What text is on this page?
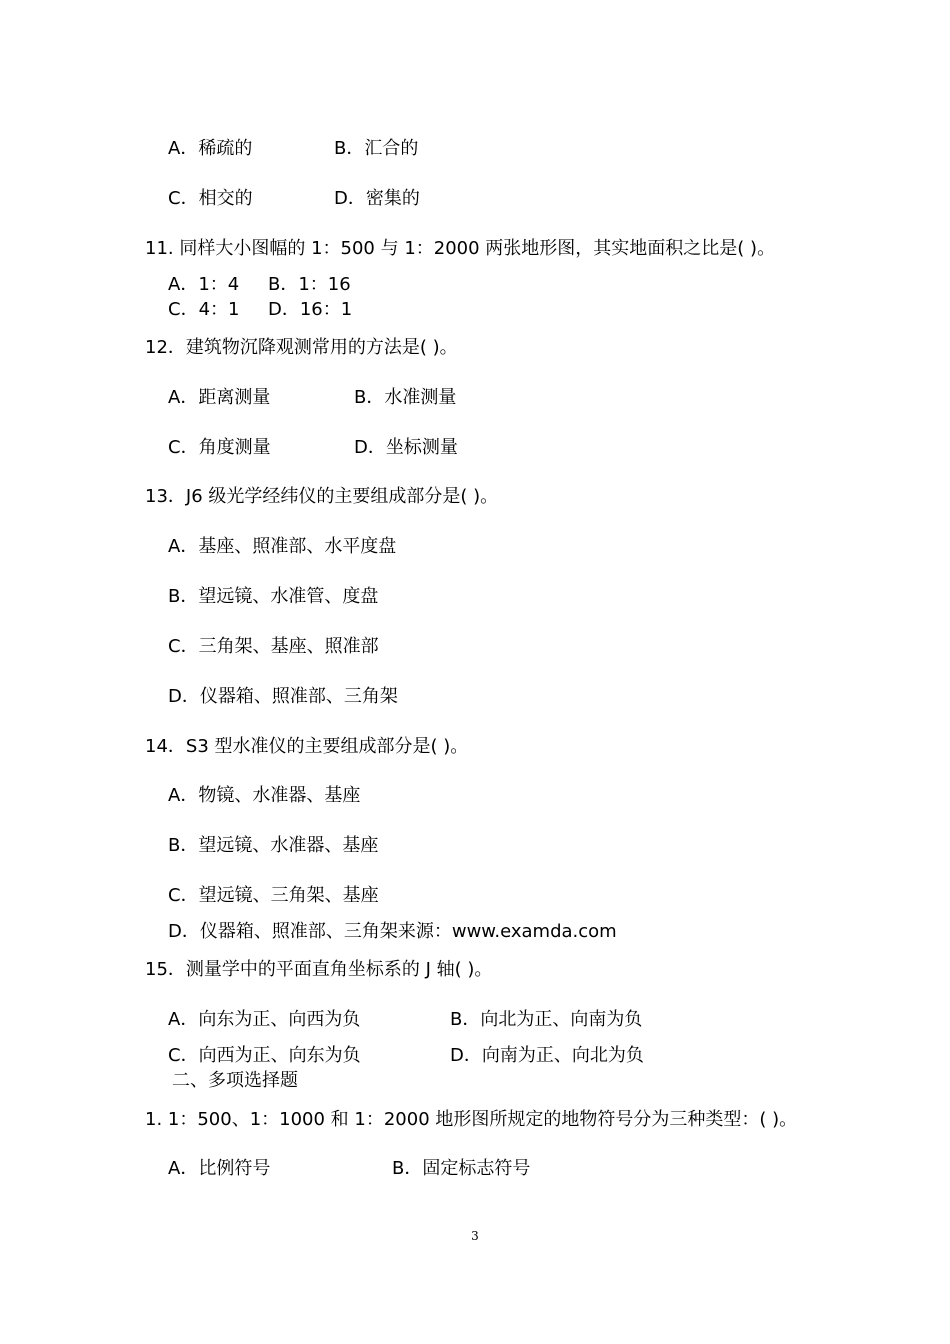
A．稀疏的	B．汇合的
C．相交的	D．密集的
11. 同样大小图幅的 1：500 与 1：2000 两张地形图，其实地面积之比是( )。
A．1：4 B．1：16
C．4：1 D．16：1
12．建筑物沉降观测常用的方法是( )。
A．距离测量	B．水准测量
C．角度测量	D．坐标测量
13．J6 级光学经纬仪的主要组成部分是( )。
A．基座、照准部、水平度盘
B．望远镜、水准管、度盘
C．三角架、基座、照准部
D．仪器箱、照准部、三角架
14．S3 型水准仪的主要组成部分是( )。
A．物镜、水准器、基座
B．望远镜、水准器、基座
C．望远镜、三角架、基座
D．仪器箱、照准部、三角架来源：www.examda.com
15．测量学中的平面直角坐标系的 J 轴( )。
A．向东为正、向西为负	B．向北为正、向南为负
C．向西为正、向东为负	D．向南为正、向北为负
二、多项选择题
1. 1：500、1：1000 和 1：2000 地形图所规定的地物符号分为三种类型：( )。
A．比例符号	B．固定标志符号
3
